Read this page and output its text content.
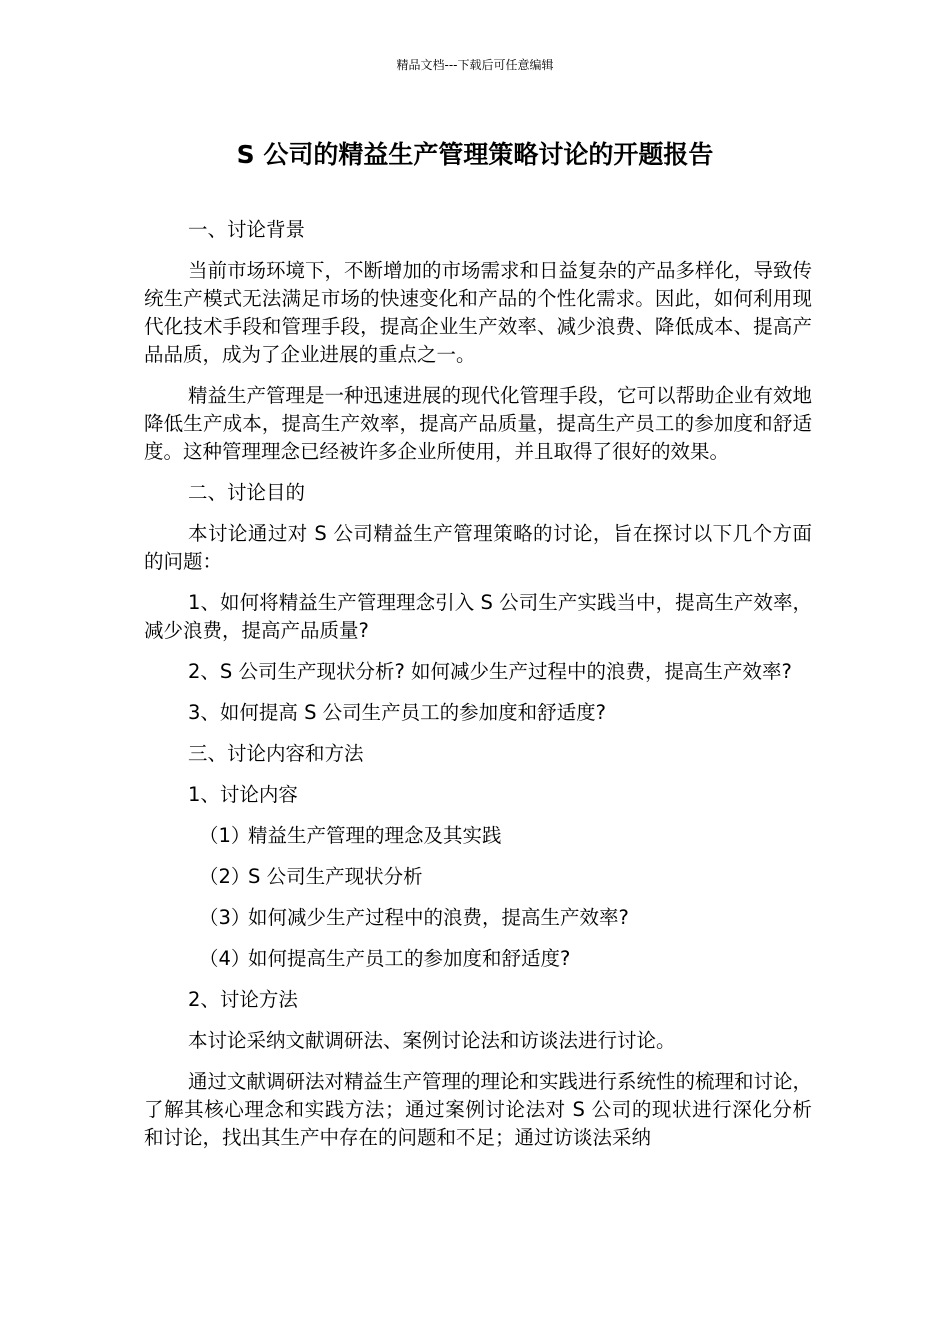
精品文档---下载后可任意编辑
S 公司的精益生产管理策略讨论的开题报告

一、讨论背景

当前市场环境下，不断增加的市场需求和日益复杂的产品多样化，导致传统生产模式无法满足市场的快速变化和产品的个性化需求。因此，如何利用现代化技术手段和管理手段，提高企业生产效率、减少浪费、降低成本、提高产品品质，成为了企业进展的重点之一。

精益生产管理是一种迅速进展的现代化管理手段，它可以帮助企业有效地降低生产成本，提高生产效率，提高产品质量，提高生产员工的参加度和舒适度。这种管理理念已经被许多企业所使用，并且取得了很好的效果。

二、讨论目的

本讨论通过对 S 公司精益生产管理策略的讨论，旨在探讨以下几个方面的问题：

1、如何将精益生产管理理念引入 S 公司生产实践当中，提高生产效率，减少浪费，提高产品质量?

2、S 公司生产现状分析? 如何减少生产过程中的浪费，提高生产效率?

3、如何提高 S 公司生产员工的参加度和舒适度?

三、讨论内容和方法

1、讨论内容

（1）精益生产管理的理念及其实践

（2）S 公司生产现状分析

（3）如何减少生产过程中的浪费，提高生产效率?

（4）如何提高生产员工的参加度和舒适度?

2、讨论方法

本讨论采纳文献调研法、案例讨论法和访谈法进行讨论。

通过文献调研法对精益生产管理的理论和实践进行系统性的梳理和讨论，了解其核心理念和实践方法；通过案例讨论法对 S 公司的现状进行深化分析和讨论，找出其生产中存在的问题和不足；通过访谈法采纳
